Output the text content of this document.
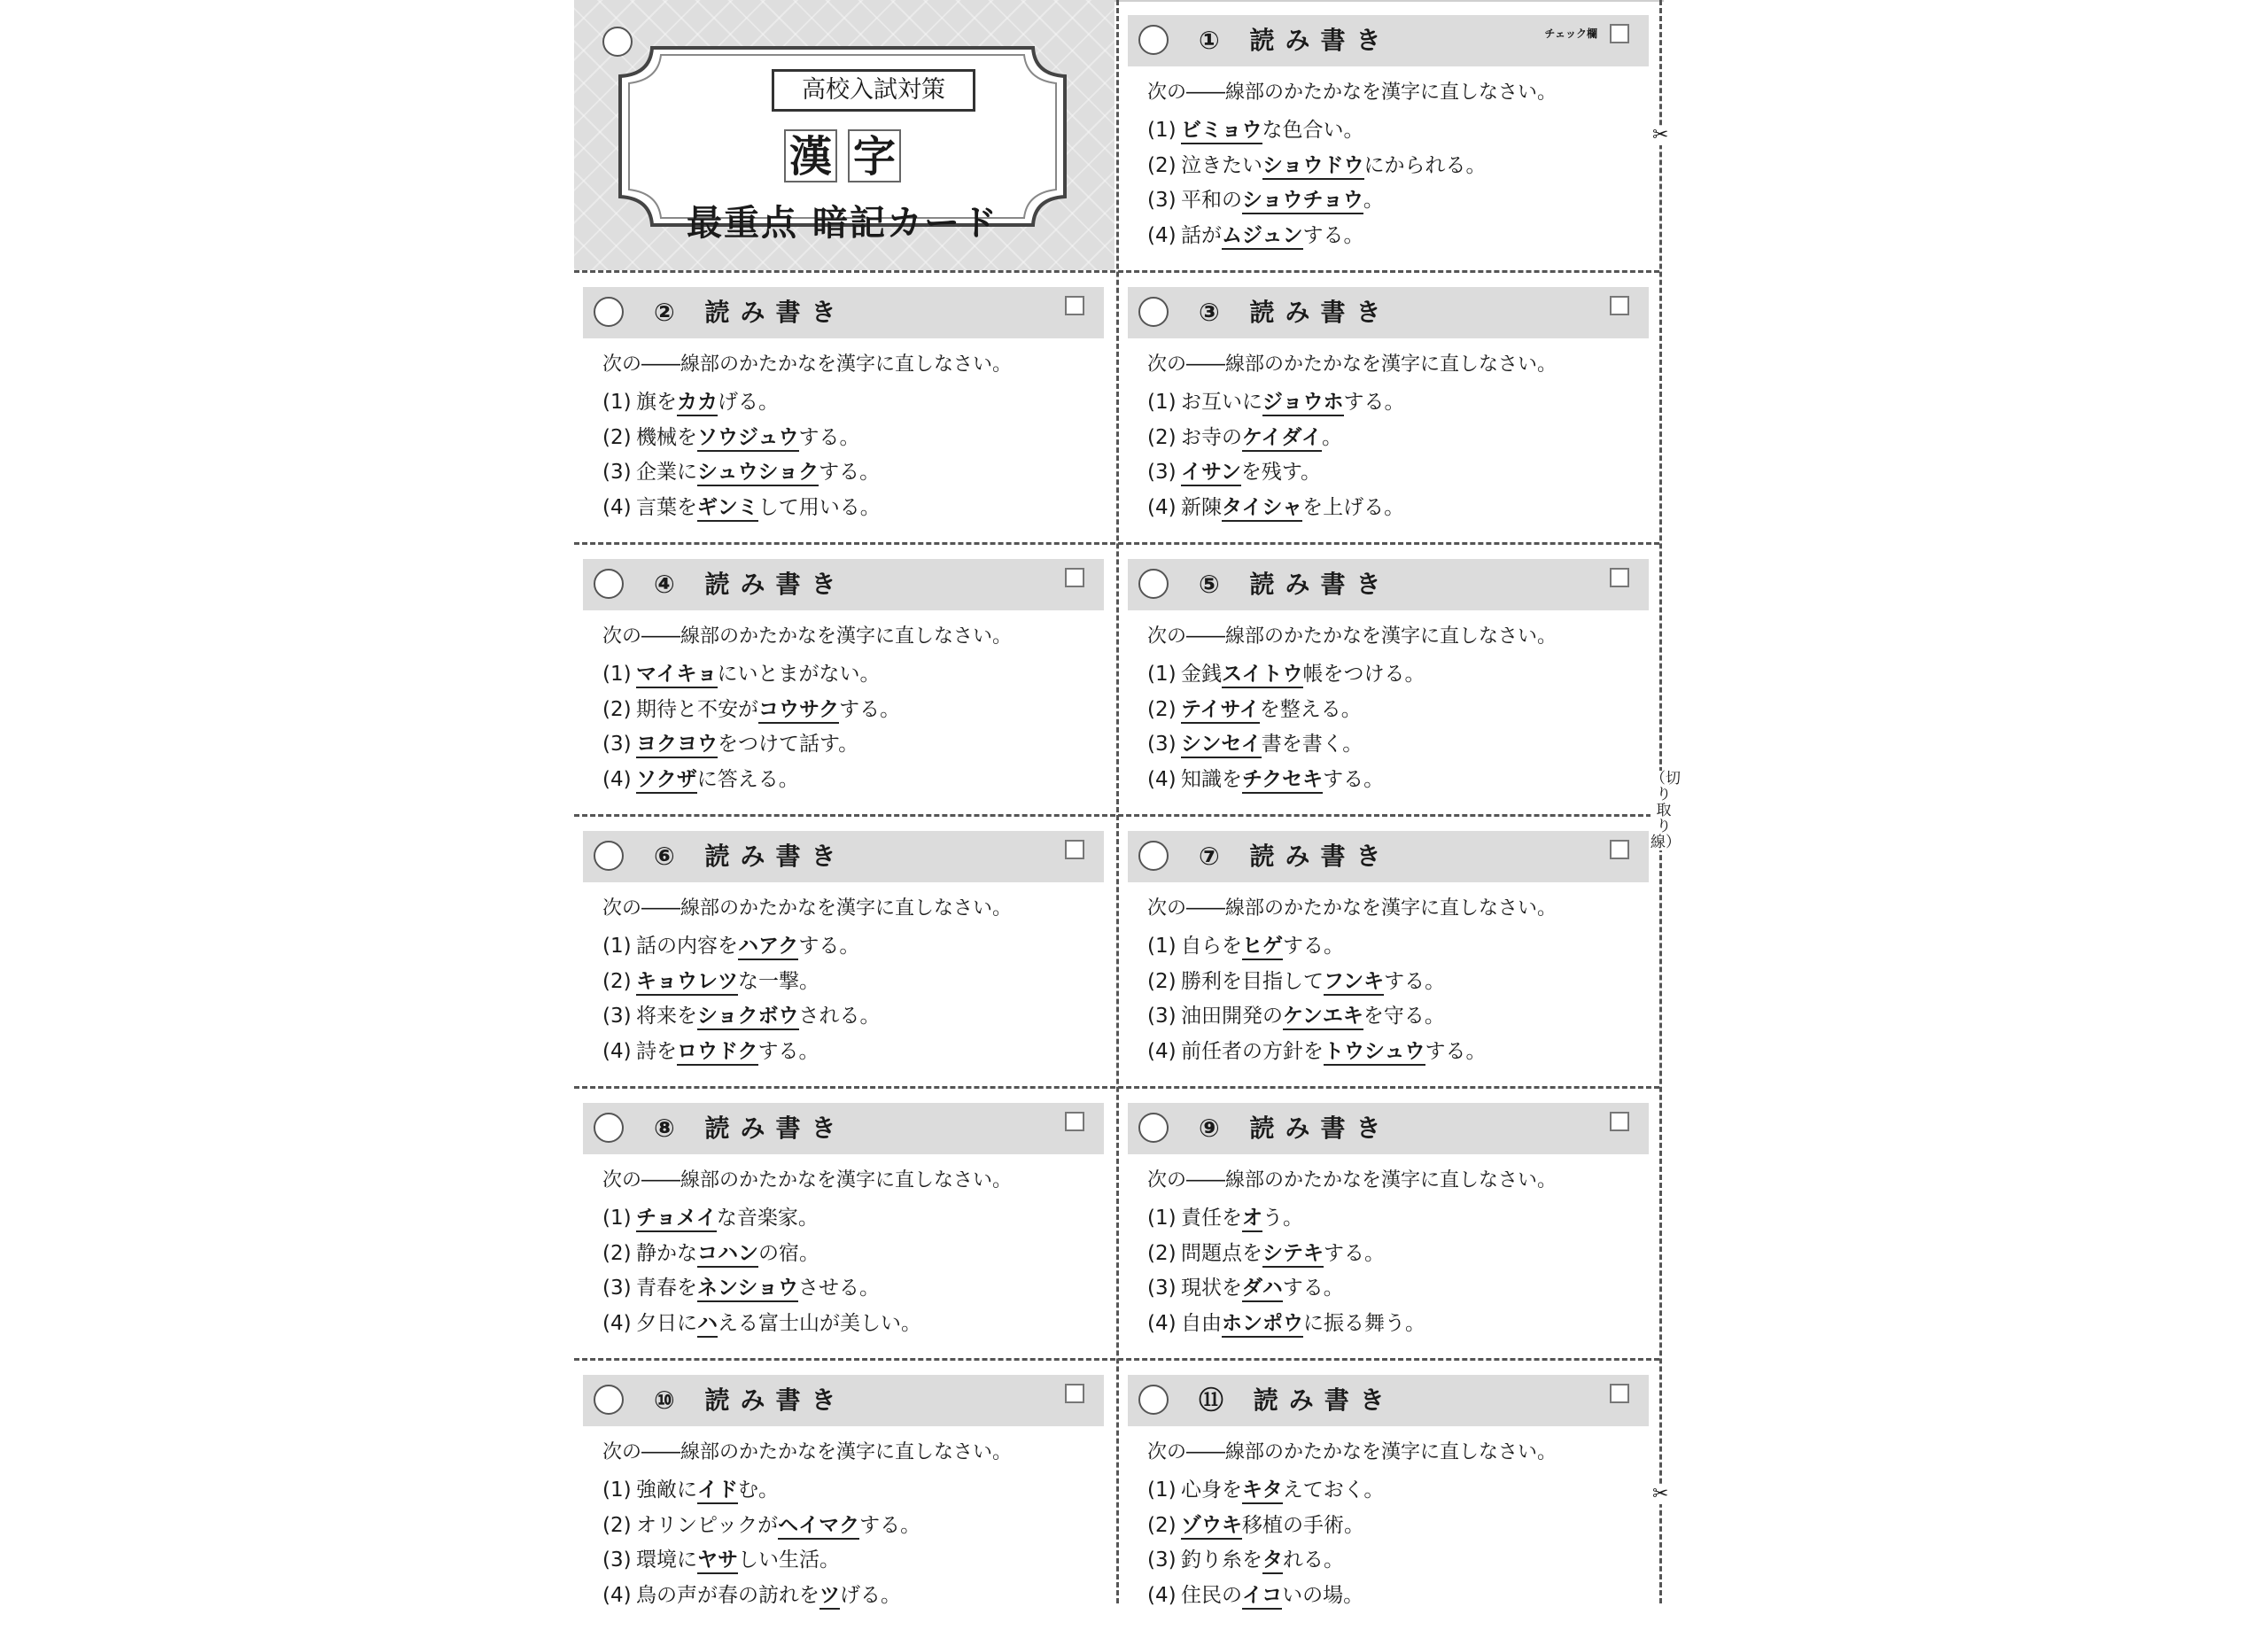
高校入試対策
漢 字
最重点 暗記カード
① 読み書き	チェック欄
次の――線部のかたかなを漢字に直しなさい。
(1) ビミョウな色合い。
(2) 泣きたいショウドウにかられる。
(3) 平和のショウチョウ。
(4) 話がムジュンする。
② 読み書き
次の――線部のかたかなを漢字に直しなさい。
(1) 旗をカカげる。
(2) 機械をソウジュウする。
(3) 企業にシュウショクする。
(4) 言葉をギンミして用いる。
③ 読み書き
次の――線部のかたかなを漢字に直しなさい。
(1) お互いにジョウホする。
(2) お寺のケイダイ。
(3) イサンを残す。
(4) 新陳タイシャを上げる。
④ 読み書き
次の――線部のかたかなを漢字に直しなさい。
(1) マイキョにいとまがない。
(2) 期待と不安がコウサクする。
(3) ヨクヨウをつけて話す。
(4) ソクザに答える。
⑤ 読み書き
次の――線部のかたかなを漢字に直しなさい。
(1) 金銭スイトウ帳をつける。
(2) テイサイを整える。
(3) シンセイ書を書く。
(4) 知識をチクセキする。
⑥ 読み書き
次の――線部のかたかなを漢字に直しなさい。
(1) 話の内容をハアクする。
(2) キョウレツな一撃。
(3) 将来をショクボウされる。
(4) 詩をロウドクする。
⑦ 読み書き
次の――線部のかたかなを漢字に直しなさい。
(1) 自らをヒゲする。
(2) 勝利を目指してフンキする。
(3) 油田開発のケンエキを守る。
(4) 前任者の方針をトウシュウする。
⑧ 読み書き
次の――線部のかたかなを漢字に直しなさい。
(1) チョメイな音楽家。
(2) 静かなコハンの宿。
(3) 青春をネンショウさせる。
(4) 夕日にハえる富士山が美しい。
⑨ 読み書き
次の――線部のかたかなを漢字に直しなさい。
(1) 責任をオう。
(2) 問題点をシテキする。
(3) 現状をダハする。
(4) 自由ホンポウに振る舞う。
⑩ 読み書き
次の――線部のかたかなを漢字に直しなさい。
(1) 強敵にイドむ。
(2) オリンピックがヘイマクする。
(3) 環境にヤサしい生活。
(4) 鳥の声が春の訪れをツげる。
⑪ 読み書き
次の――線部のかたかなを漢字に直しなさい。
(1) 心身をキタえておく。
(2) ゾウキ移植の手術。
(3) 釣り糸をタれる。
(4) 住民のイコいの場。
✂
✂
（切り取り線）
